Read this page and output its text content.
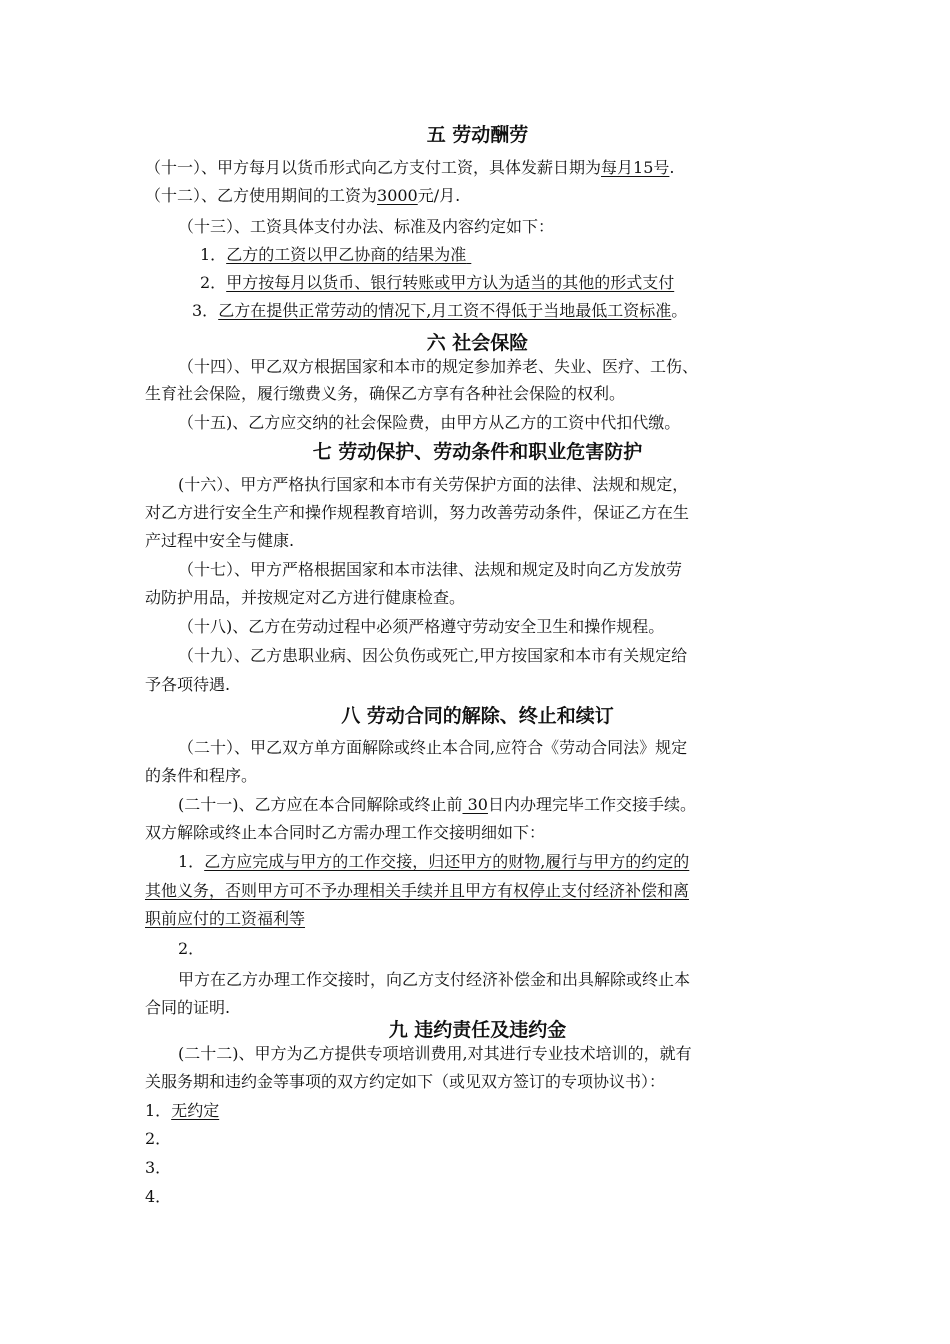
五 劳动酬劳
（十一）、甲方每月以货币形式向乙方支付工资，具体发薪日期为每月15号.
（十二）、乙方使用期间的工资为3000元/月.
（十三）、工资具体支付办法、标准及内容约定如下：
1．乙方的工资以甲乙协商的结果为准
2．甲方按每月以货币、银行转账或甲方认为适当的其他的形式支付
3．乙方在提供正常劳动的情况下,月工资不得低于当地最低工资标准。
六 社会保险
（十四）、甲乙双方根据国家和本市的规定参加养老、失业、医疗、工伤、
生育社会保险，履行缴费义务，确保乙方享有各种社会保险的权利。
（十五)、乙方应交纳的社会保险费，由甲方从乙方的工资中代扣代缴。
七 劳动保护、劳动条件和职业危害防护
(十六）、甲方严格执行国家和本市有关劳保护方面的法律、法规和规定，
对乙方进行安全生产和操作规程教育培训，努力改善劳动条件，保证乙方在生
产过程中安全与健康.
（十七）、甲方严格根据国家和本市法律、法规和规定及时向乙方发放劳
动防护用品，并按规定对乙方进行健康检查。
（十八)、乙方在劳动过程中必须严格遵守劳动安全卫生和操作规程。
（十九）、乙方患职业病、因公负伤或死亡,甲方按国家和本市有关规定给
予各项待遇.
八 劳动合同的解除、终止和续订
（二十）、甲乙双方单方面解除或终止本合同,应符合《劳动合同法》规定
的条件和程序。
(二十一)、乙方应在本合同解除或终止前 30日内办理完毕工作交接手续。
双方解除或终止本合同时乙方需办理工作交接明细如下：
1．乙方应完成与甲方的工作交接，归还甲方的财物,履行与甲方的约定的
其他义务，否则甲方可不予办理相关手续并且甲方有权停止支付经济补偿和离
职前应付的工资福利等
2．
甲方在乙方办理工作交接时，向乙方支付经济补偿金和出具解除或终止本
合同的证明.
九 违约责任及违约金
(二十二)、甲方为乙方提供专项培训费用,对其进行专业技术培训的，就有
关服务期和违约金等事项的双方约定如下（或见双方签订的专项协议书）：
1．无约定
2．
3．
4．
